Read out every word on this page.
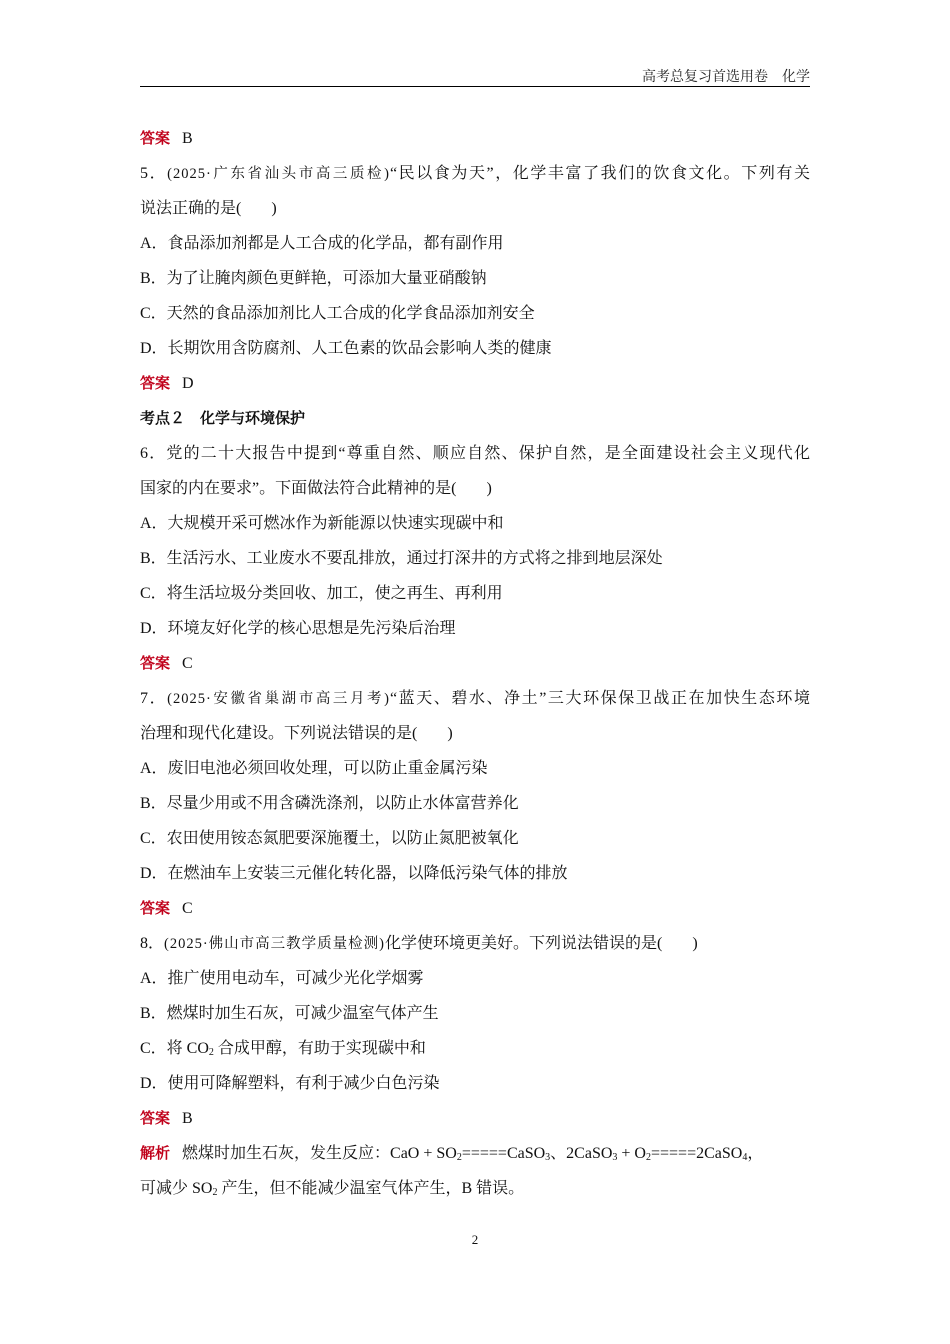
高考总复习首选用卷　化学
答案 B
5．(2025·广东省汕头市高三质检)“民以食为天”，化学丰富了我们的饮食文化。下列有关
说法正确的是( )
A．食品添加剂都是人工合成的化学品，都有副作用
B．为了让腌肉颜色更鲜艳，可添加大量亚硝酸钠
C．天然的食品添加剂比人工合成的化学食品添加剂安全
D．长期饮用含防腐剂、人工色素的饮品会影响人类的健康
答案 D
考点２　化学与环境保护
6．党的二十大报告中提到“尊重自然、顺应自然、保护自然，是全面建设社会主义现代化
国家的内在要求”。下面做法符合此精神的是( )
A．大规模开采可燃冰作为新能源以快速实现碳中和
B．生活污水、工业废水不要乱排放，通过打深井的方式将之排到地层深处
C．将生活垃圾分类回收、加工，使之再生、再利用
D．环境友好化学的核心思想是先污染后治理
答案 C
7．(2025·安徽省巢湖市高三月考)“蓝天、碧水、净土”三大环保保卫战正在加快生态环境
治理和现代化建设。下列说法错误的是( )
A．废旧电池必须回收处理，可以防止重金属污染
B．尽量少用或不用含磷洗涤剂，以防止水体富营养化
C．农田使用铵态氮肥要深施覆土，以防止氮肥被氧化
D．在燃油车上安装三元催化转化器，以降低污染气体的排放
答案 C
8．(2025·佛山市高三教学质量检测)化学使环境更美好。下列说法错误的是( )
A．推广使用电动车，可减少光化学烟雾
B．燃煤时加生石灰，可减少温室气体产生
C．将 $CO_2$ 合成甲醇，有助于实现碳中和
D．使用可降解塑料，有利于减少白色污染
答案 B
解析 燃煤时加生石灰，发生反应：CaO + $SO_2=====CaSO_3$、2CaSO$_3$ + $O_2=====2CaSO_4$，
可减少 $SO_2$ 产生，但不能减少温室气体产生，B 错误。
2
